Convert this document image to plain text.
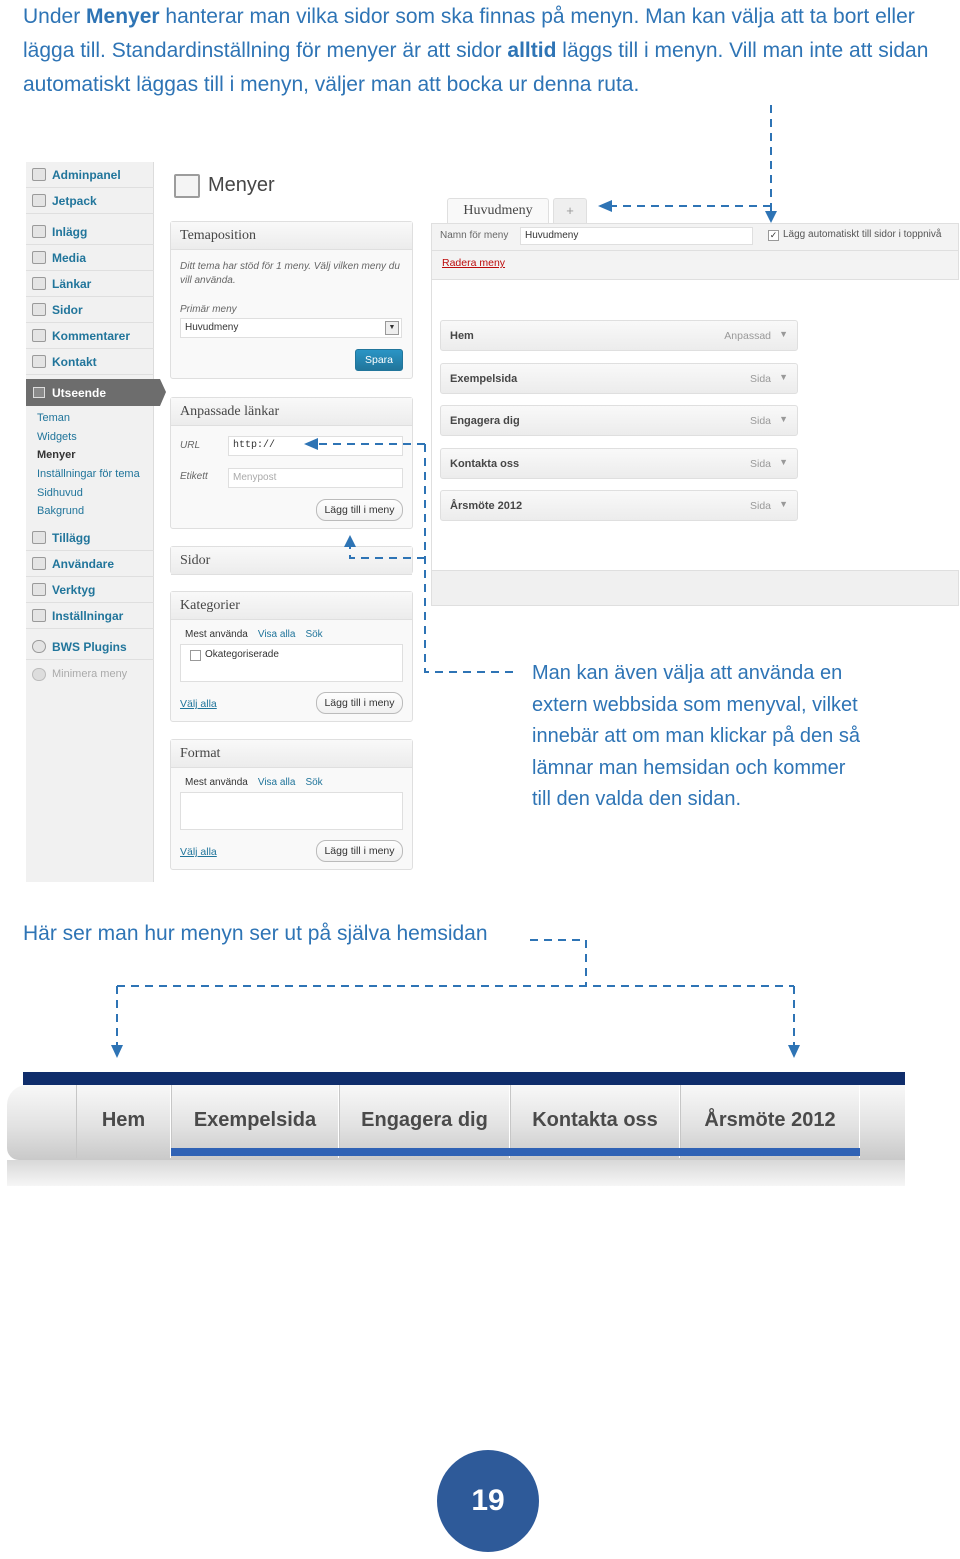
Under Menyer hanterar man vilka sidor som ska finnas på menyn. Man kan välja att ta bort eller lägga till. Standardinställning för menyer är att sidor alltid läggs till i menyn. Vill man inte att sidan automatiskt läggas till i menyn, väljer man att bocka ur denna ruta.
Adminpanel
Jetpack
Inlägg
Media
Länkar
Sidor
Kommentarer
Kontakt
Utseende
Teman
Widgets
Menyer
Inställningar för tema
Sidhuvud
Bakgrund
Tillägg
Användare
Verktyg
Inställningar
BWS Plugins
Minimera meny
Menyer
Temaposition
Ditt tema har stöd för 1 meny. Välj vilken meny du vill använda.
Primär meny
Huvudmeny	▼
Spara
Anpassade länkar
URL	http://
Etikett	Menypost
Lägg till i meny
Sidor
Kategorier
Mest använda Visa alla Sök
Okategoriserade
Välj alla	Lägg till i meny
Format
Mest använda Visa alla Sök
Välj alla	Lägg till i meny
Huvudmeny	+
Namn för meny	Huvudmeny	✓ Lägg automatiskt till sidor i toppnivå
Radera meny
Hem	Anpassad ▼
Exempelsida	Sida ▼
Engagera dig	Sida ▼
Kontakta oss	Sida ▼
Årsmöte 2012	Sida ▼
Man kan även välja att använda en
extern webbsida som menyval, vilket
innebär att om man klickar på den så
lämnar man hemsidan och kommer
till den valda den sidan.
Här ser man hur menyn ser ut på själva hemsidan
Hem	Exempelsida	Engagera dig	Kontakta oss	Årsmöte 2012
19
